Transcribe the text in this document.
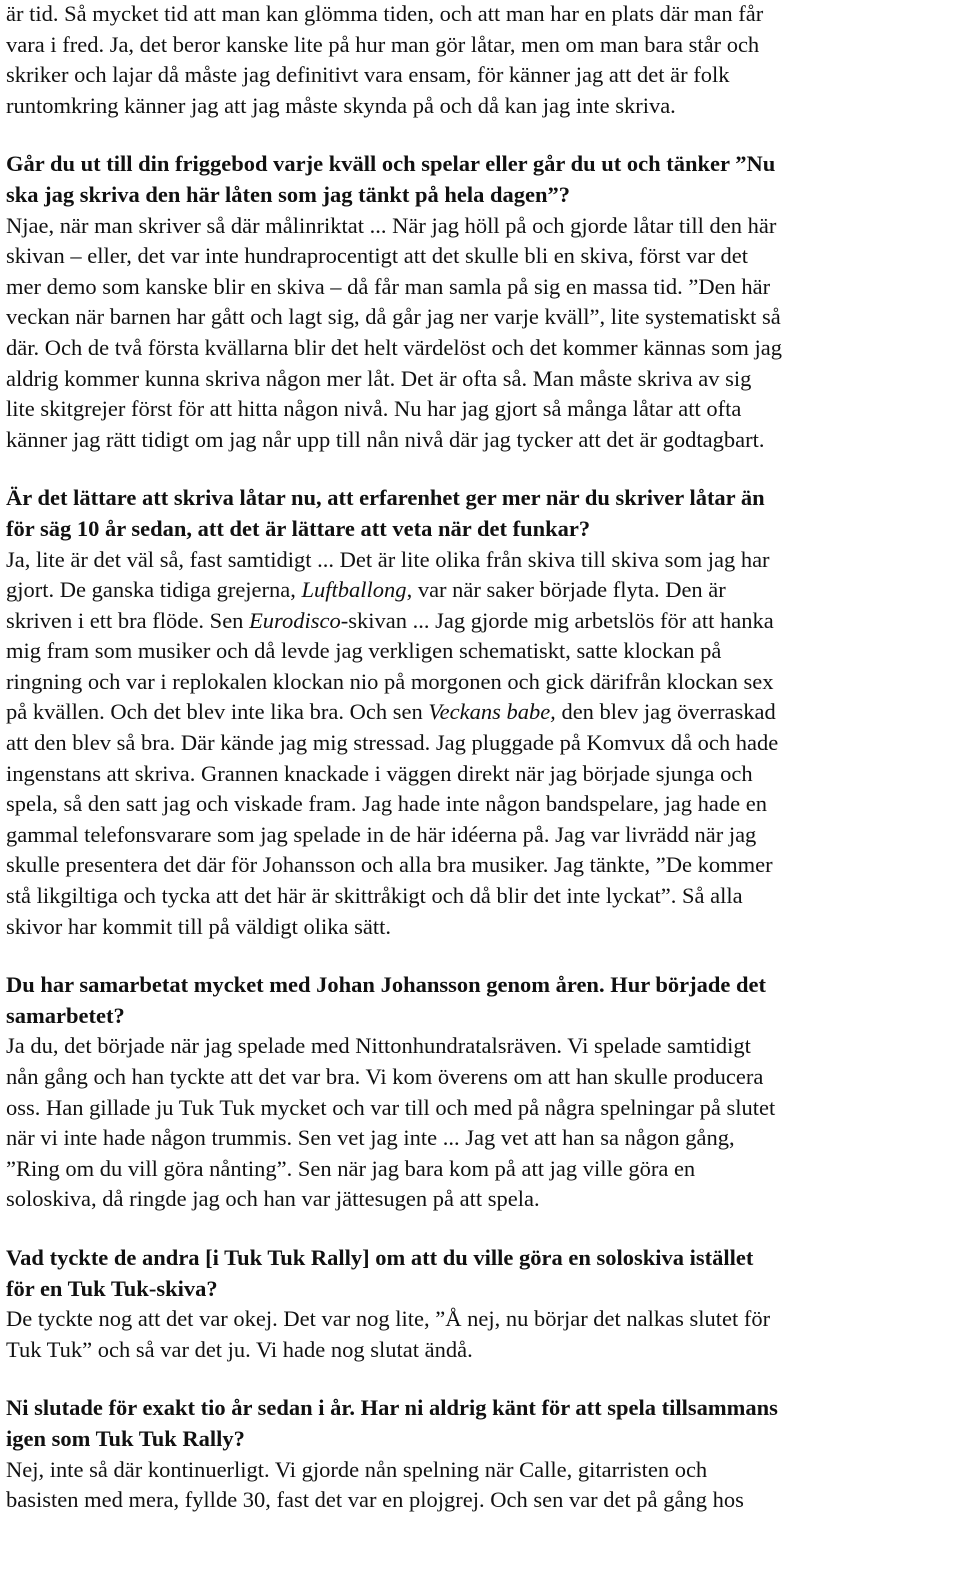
är tid. Så mycket tid att man kan glömma tiden, och att man har en plats där man får
vara i fred. Ja, det beror kanske lite på hur man gör låtar, men om man bara står och
skriker och lajar då måste jag definitivt vara ensam, för känner jag att det är folk
runtomkring känner jag att jag måste skynda på och då kan jag inte skriva.
Går du ut till din friggebod varje kväll och spelar eller går du ut och tänker ”Nu
ska jag skriva den här låten som jag tänkt på hela dagen”?
Njae, när man skriver så där målinriktat ... När jag höll på och gjorde låtar till den här
skivan – eller, det var inte hundraprocentigt att det skulle bli en skiva, först var det
mer demo som kanske blir en skiva – då får man samla på sig en massa tid. ”Den här
veckan när barnen har gått och lagt sig, då går jag ner varje kväll”, lite systematiskt så
där. Och de två första kvällarna blir det helt värdelöst och det kommer kännas som jag
aldrig kommer kunna skriva någon mer låt. Det är ofta så. Man måste skriva av sig
lite skitgrejer först för att hitta någon nivå. Nu har jag gjort så många låtar att ofta
känner jag rätt tidigt om jag når upp till nån nivå där jag tycker att det är godtagbart.
Är det lättare att skriva låtar nu, att erfarenhet ger mer när du skriver låtar än
för säg 10 år sedan, att det är lättare att veta när det funkar?
Ja, lite är det väl så, fast samtidigt ... Det är lite olika från skiva till skiva som jag har
gjort. De ganska tidiga grejerna, Luftballong, var när saker började flyta. Den är
skriven i ett bra flöde. Sen Eurodisco-skivan ... Jag gjorde mig arbetslös för att hanka
mig fram som musiker och då levde jag verkligen schematiskt, satte klockan på
ringning och var i replokalen klockan nio på morgonen och gick därifrån klockan sex
på kvällen. Och det blev inte lika bra. Och sen Veckans babe, den blev jag överraskad
att den blev så bra. Där kände jag mig stressad. Jag pluggade på Komvux då och hade
ingenstans att skriva. Grannen knackade i väggen direkt när jag började sjunga och
spela, så den satt jag och viskade fram. Jag hade inte någon bandspelare, jag hade en
gammal telefonsvarare som jag spelade in de här idéerna på. Jag var livrädd när jag
skulle presentera det där för Johansson och alla bra musiker. Jag tänkte, ”De kommer
stå likgiltiga och tycka att det här är skittråkigt och då blir det inte lyckat”. Så alla
skivor har kommit till på väldigt olika sätt.
Du har samarbetat mycket med Johan Johansson genom åren. Hur började det
samarbetet?
Ja du, det började när jag spelade med Nittonhundratalsräven. Vi spelade samtidigt
nån gång och han tyckte att det var bra. Vi kom överens om att han skulle producera
oss. Han gillade ju Tuk Tuk mycket och var till och med på några spelningar på slutet
när vi inte hade någon trummis. Sen vet jag inte ... Jag vet att han sa någon gång,
”Ring om du vill göra nånting”. Sen när jag bara kom på att jag ville göra en
soloskiva, då ringde jag och han var jättesugen på att spela.
Vad tyckte de andra [i Tuk Tuk Rally] om att du ville göra en soloskiva istället
för en Tuk Tuk-skiva?
De tyckte nog att det var okej. Det var nog lite, ”Å nej, nu börjar det nalkas slutet för
Tuk Tuk” och så var det ju. Vi hade nog slutat ändå.
Ni slutade för exakt tio år sedan i år. Har ni aldrig känt för att spela tillsammans
igen som Tuk Tuk Rally?
Nej, inte så där kontinuerligt. Vi gjorde nån spelning när Calle, gitarristen och
basisten med mera, fyllde 30, fast det var en plojgrej. Och sen var det på gång hos
